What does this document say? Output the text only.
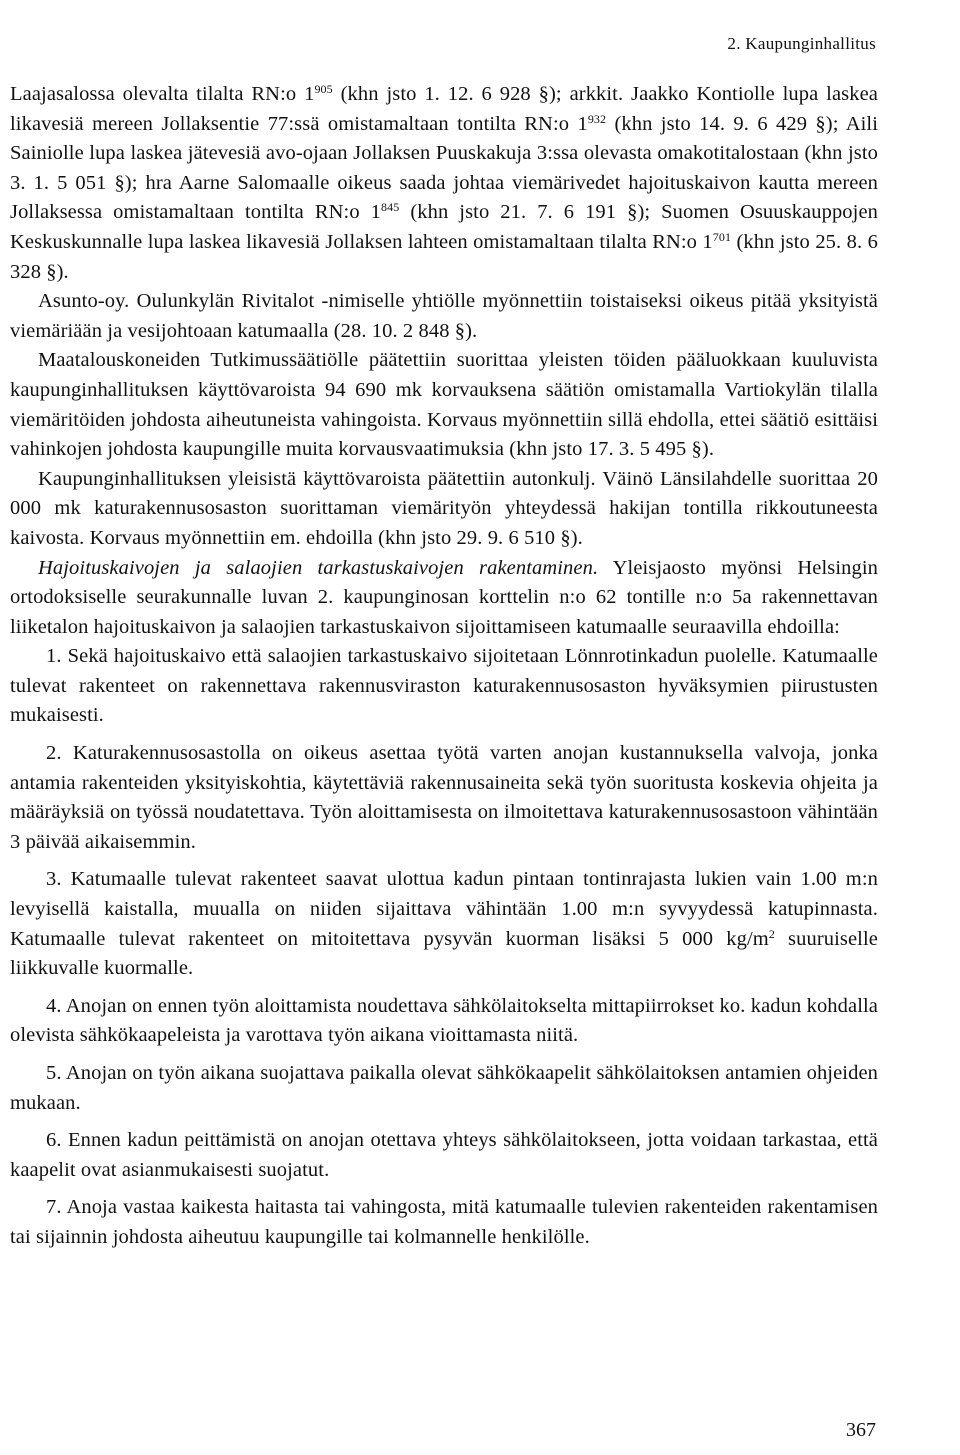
2. Kaupunginhallitus

Laajasalossa olevalta tilalta RN:o $1^{905}$ (khn jsto 1. 12. 6 928 §); arkkit. Jaakko Kontiolle lupa laskea likavesiä mereen Jollaksentie 77:ssä omistamaltaan tontilta RN:o $1^{932}$ (khn jsto 14. 9. 6 429 §); Aili Sainiolle lupa laskea jätevesiä avo-ojaan Jollaksen Puuskakuja 3:ssa olevasta omakotitalostaan (khn jsto 3. 1. 5 051 §); hra Aarne Salomaalle oikeus saada johtaa viemärivedet hajoituskaivon kautta mereen Jollaksessa omistamaltaan tontilta RN:o $1^{845}$ (khn jsto 21. 7. 6 191 §); Suomen Osuuskauppojen Keskuskunnalle lupa laskea likavesiä Jollaksen lahteen omistamaltaan tilalta RN:o $1^{701}$ (khn jsto 25. 8. 6 328 §).

Asunto-oy. Oulunkylän Rivitalot -nimiselle yhtiölle myönnettiin toistaiseksi oikeus pitää yksityistä viemäriään ja vesijohtoaan katumaalla (28. 10. 2 848 §).

Maatalouskoneiden Tutkimussäätiölle päätettiin suorittaa yleisten töiden pääluokkaan kuuluvista kaupunginhallituksen käyttövaroista 94 690 mk korvauksena säätiön omistamalla Vartiokylän tilalla viemäritöiden johdosta aiheutuneista vahingoista. Korvaus myönnettiin sillä ehdolla, ettei säätiö esittäisi vahinkojen johdosta kaupungille muita korvausvaatimuksia (khn jsto 17. 3. 5 495 §).

Kaupunginhallituksen yleisistä käyttövaroista päätettiin autonkulj. Väinö Länsilahdelle suorittaa 20 000 mk katurakennusosaston suorittaman viemärityön yhteydessä hakijan tontilla rikkoutuneesta kaivosta. Korvaus myönnettiin em. ehdoilla (khn jsto 29. 9. 6 510 §).

Hajoituskaivojen ja salaojien tarkastuskaivojen rakentaminen. Yleisjaosto myönsi Helsingin ortodoksiselle seurakunnalle luvan 2. kaupunginosan korttelin n:o 62 tontille n:o 5a rakennettavan liiketalon hajoituskaivon ja salaojien tarkastuskaivon sijoittamiseen katumaalle seuraavilla ehdoilla:

1. Sekä hajoituskaivo että salaojien tarkastuskaivo sijoitetaan Lönnrotinkadun puolelle. Katumaalle tulevat rakenteet on rakennettava rakennusviraston katurakennusosaston hyväksymien piirustusten mukaisesti.

2. Katurakennusosastolla on oikeus asettaa työtä varten anojan kustannuksella valvoja, jonka antamia rakenteiden yksityiskohtia, käytettäviä rakennusaineita sekä työn suoritusta koskevia ohjeita ja määräyksiä on työssä noudatettava. Työn aloittamisesta on ilmoitettava katurakennusosastoon vähintään 3 päivää aikaisemmin.

3. Katumaalle tulevat rakenteet saavat ulottua kadun pintaan tontinrajasta lukien vain 1.00 m:n levyisellä kaistalla, muualla on niiden sijaittava vähintään 1.00 m:n syvyydessä katupinnasta. Katumaalle tulevat rakenteet on mitoitettava pysyvän kuorman lisäksi 5 000 $kg/m^2$ suuruiselle liikkuvalle kuormalle.

4. Anojan on ennen työn aloittamista noudettava sähkölaitokselta mittapiirrokset ko. kadun kohdalla olevista sähkökaapeleista ja varottava työn aikana vioittamasta niitä.

5. Anojan on työn aikana suojattava paikalla olevat sähkökaapelit sähkölaitoksen antamien ohjeiden mukaan.

6. Ennen kadun peittämistä on anojan otettava yhteys sähkölaitokseen, jotta voidaan tarkastaa, että kaapelit ovat asianmukaisesti suojatut.

7. Anoja vastaa kaikesta haitasta tai vahingosta, mitä katumaalle tulevien rakenteiden rakentamisen tai sijainnin johdosta aiheutuu kaupungille tai kolmannelle henkilölle.

367
